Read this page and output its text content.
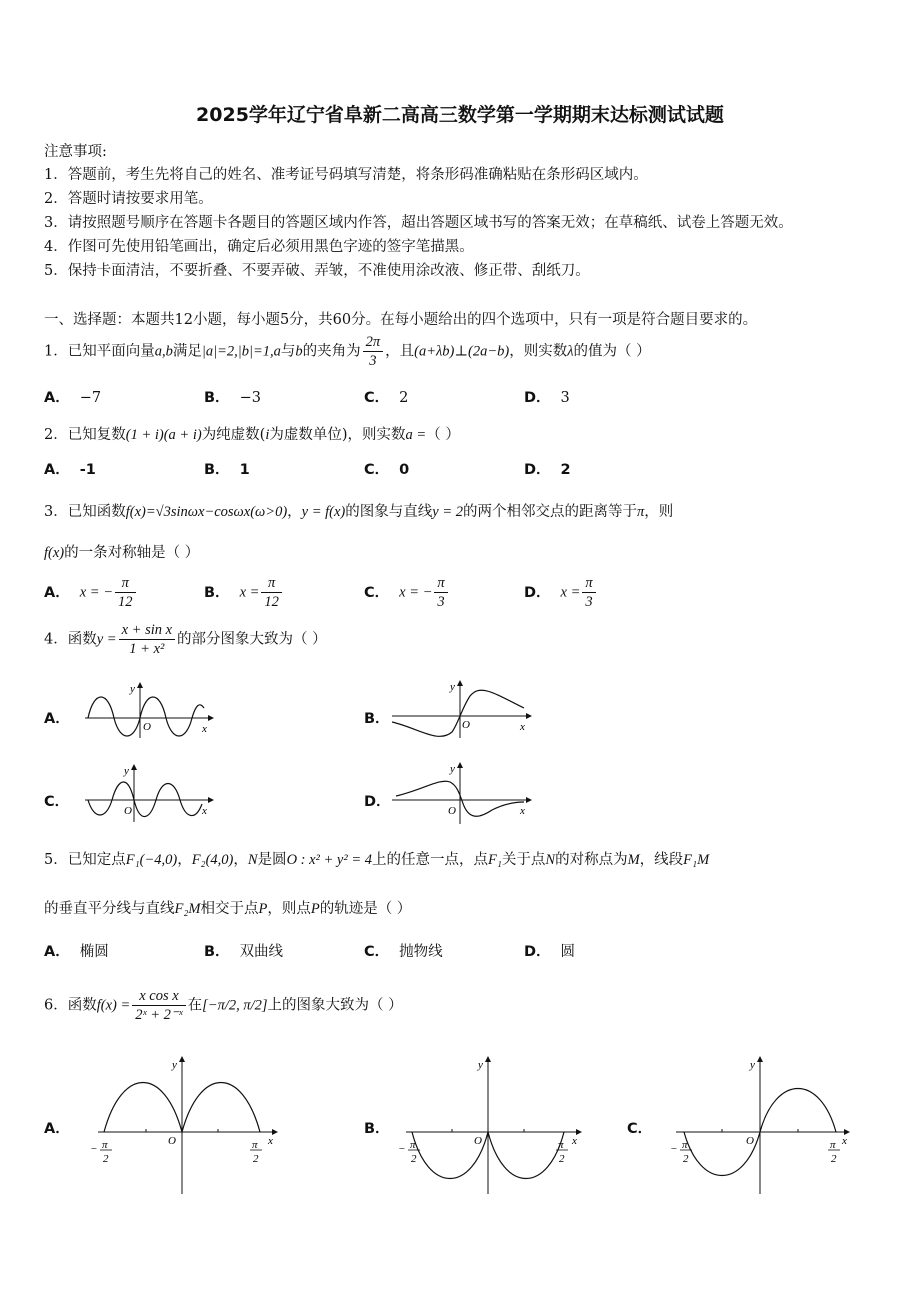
2025学年辽宁省阜新二高高三数学第一学期期末达标测试试题
注意事项:
1．答题前，考生先将自己的姓名、准考证号码填写清楚，将条形码准确粘贴在条形码区域内。
2．答题时请按要求用笔。
3．请按照题号顺序在答题卡各题目的答题区域内作答，超出答题区域书写的答案无效；在草稿纸、试卷上答题无效。
4．作图可先使用铅笔画出，确定后必须用黑色字迹的签字笔描黑。
5．保持卡面清洁，不要折叠、不要弄破、弄皱，不准使用涂改液、修正带、刮纸刀。
一、选择题：本题共12小题，每小题5分，共60分。在每小题给出的四个选项中，只有一项是符合题目要求的。
1．已知平面向量a,b满足|a|=2,|b|=1,a与b的夹角为 $\frac{2\pi}{3}$ ，且(a+λb)⊥(2a−b)，则实数λ的值为（ ）
A． −7	B． −3	C． 2	D． 3
2．已知复数(1 + i)(a + i)为纯虚数(i为虚数单位)，则实数a =（ ）
A． -1	B． 1	C． 0	D． 2
3．已知函数f(x)=√3sinωx−cosωx(ω>0)，y = f(x)的图象与直线y = 2的两个相邻交点的距离等于π，则
f(x)的一条对称轴是（ ）
A． x = − $\frac{\pi}{12}$	B． $x = \frac{\pi}{12}$	C． x = − $\frac{\pi}{3}$	D． $x = \frac{\pi}{3}$
4．函数$y = \frac{\text{x + sin x}}{\text{1 + x²}}$ 的部分图象大致为（ ）
A．
y
O	x
B．
y
O	x
C．
y
O	x
D．
y
O	x
5．已知定点F₁(−4,0)，F₂(4,0)，N是圆O : x² + y² = 4上的任意一点，点F₁关于点N的对称点为M，线段F₁M
的垂直平分线与直线F₂M相交于点P，则点P的轨迹是（ ）
A． 椭圆	B． 双曲线	C． 抛物线	D． 圆
6．函数$f(x) = \frac{\text{x cos x}}{\text{2ˣ + 2⁻ˣ}}$ 在[−π/2, π/2]上的图象大致为（ ）
A．
y
O	x
− π
2
π
2
B．
y
O	x
− π
2
π
2
C．
y
O	x
− π
2
π
2
